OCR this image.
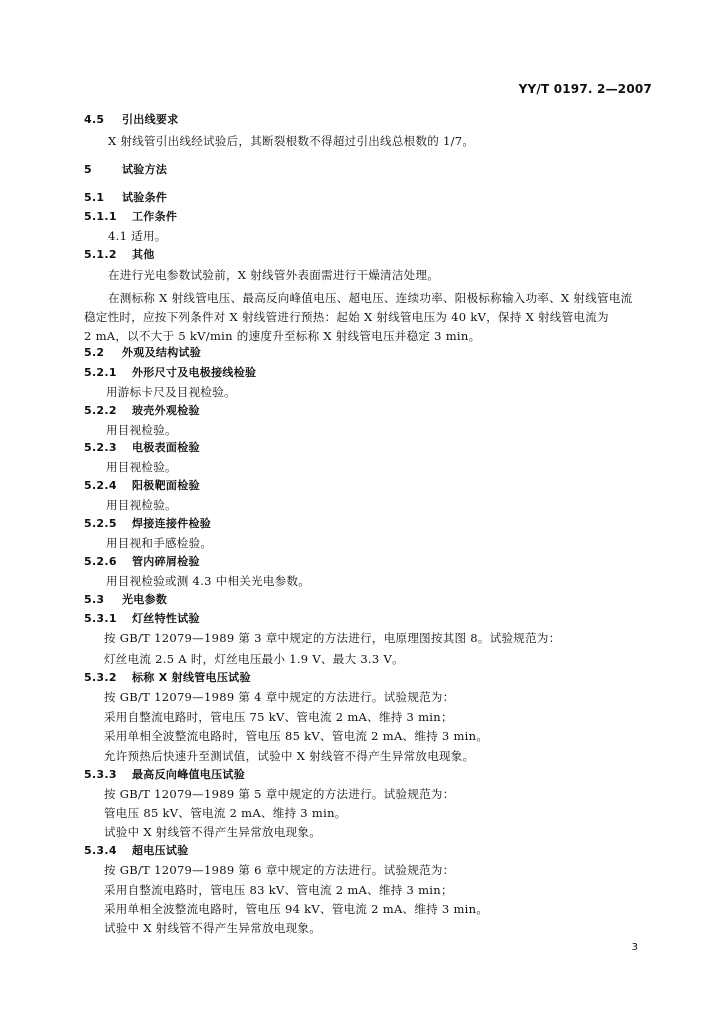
YY/T 0197. 2—2007
4.5 引出线要求
X 射线管引出线经试验后，其断裂根数不得超过引出线总根数的 1/7。
5	试验方法
5.1 试验条件
5.1.1 工作条件
4.1 适用。
5.1.2 其他
在进行光电参数试验前，X 射线管外表面需进行干燥清洁处理。
在测标称 X 射线管电压、最高反向峰值电压、超电压、连续功率、阳极标称输入功率、X 射线管电流
稳定性时，应按下列条件对 X 射线管进行预热：起始 X 射线管电压为 40 kV，保持 X 射线管电流为
2 mA，以不大于 5 kV/min 的速度升至标称 X 射线管电压并稳定 3 min。
5.2 外观及结构试验
5.2.1 外形尺寸及电极接线检验
用游标卡尺及目视检验。
5.2.2 玻壳外观检验
用目视检验。
5.2.3 电极表面检验
用目视检验。
5.2.4 阳极靶面检验
用目视检验。
5.2.5 焊接连接件检验
用目视和手感检验。
5.2.6 管内碎屑检验
用目视检验或测 4.3 中相关光电参数。
5.3 光电参数
5.3.1 灯丝特性试验
按 GB/T 12079—1989 第 3 章中规定的方法进行，电原理图按其图 8。试验规范为：
灯丝电流 2.5 A 时，灯丝电压最小 1.9 V、最大 3.3 V。
5.3.2 标称 X 射线管电压试验
按 GB/T 12079—1989 第 4 章中规定的方法进行。试验规范为：
采用自整流电路时，管电压 75 kV、管电流 2 mA、维持 3 min；
采用单相全波整流电路时，管电压 85 kV、管电流 2 mA、维持 3 min。
允许预热后快速升至测试值，试验中 X 射线管不得产生异常放电现象。
5.3.3 最高反向峰值电压试验
按 GB/T 12079—1989 第 5 章中规定的方法进行。试验规范为：
管电压 85 kV、管电流 2 mA、维持 3 min。
试验中 X 射线管不得产生异常放电现象。
5.3.4 超电压试验
按 GB/T 12079—1989 第 6 章中规定的方法进行。试验规范为：
采用自整流电路时，管电压 83 kV、管电流 2 mA、维持 3 min；
采用单相全波整流电路时，管电压 94 kV、管电流 2 mA、维持 3 min。
试验中 X 射线管不得产生异常放电现象。
3
